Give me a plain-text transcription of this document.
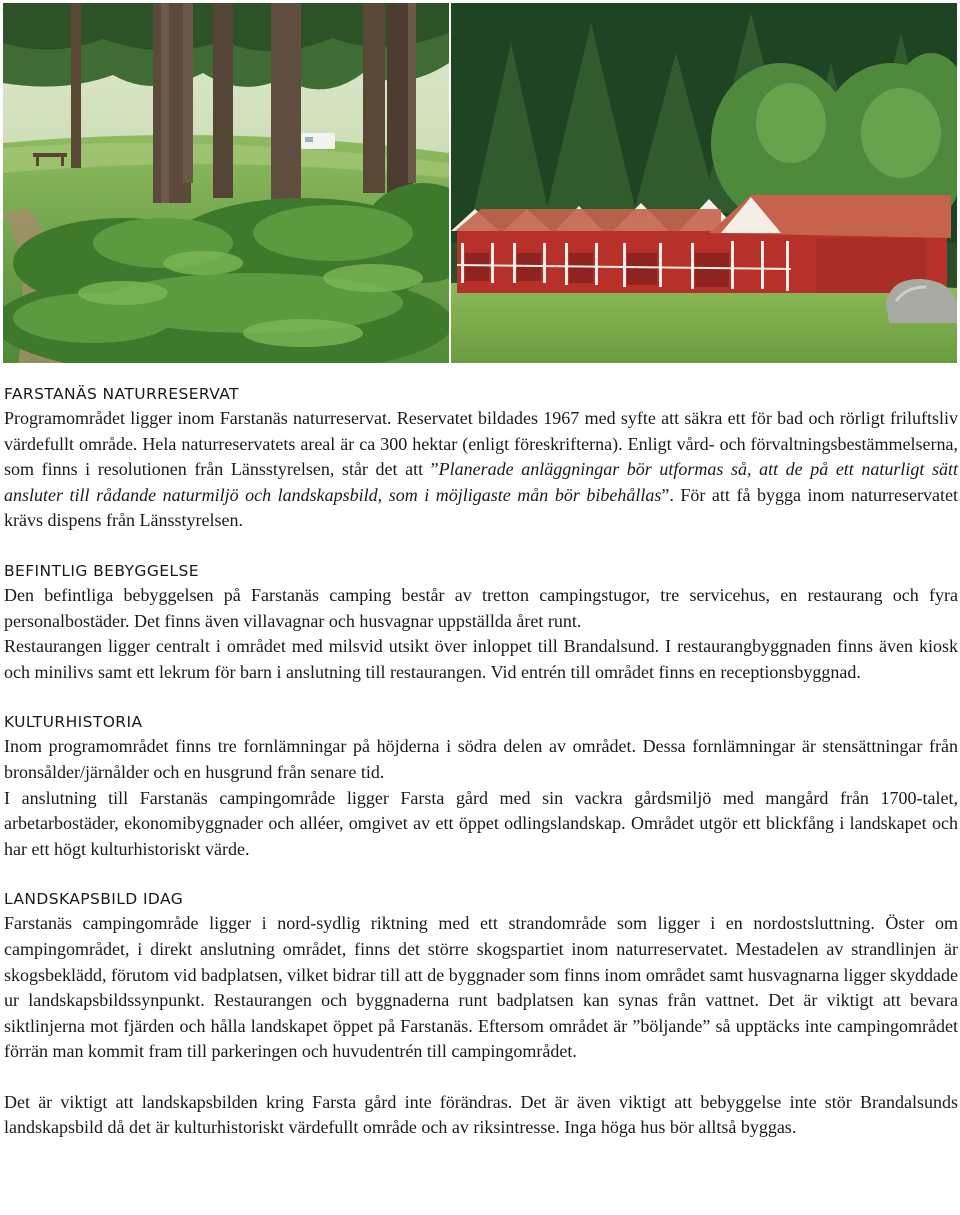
FARSTANÄS NATURRESERVAT

Programområdet ligger inom Farstanäs naturreservat. Reservatet bildades 1967 med syfte att säkra ett för bad och rörligt friluftsliv värdefullt område. Hela naturreservatets areal är ca 300 hektar (enligt föreskrifterna). Enligt vård- och förvaltningsbestämmelserna, som finns i resolutionen från Länsstyrelsen, står det att ”Planerade anläggningar bör utformas så, att de på ett naturligt sätt ansluter till rådande naturmiljö och landskapsbild, som i möjligaste mån bör bibehållas”. För att få bygga inom naturreservatet krävs dispens från Länsstyrelsen.

BEFINTLIG BEBYGGELSE

Den befintliga bebyggelsen på Farstanäs camping består av tretton campingstugor, tre servicehus, en restaurang och fyra personalbostäder. Det finns även villavagnar och husvagnar uppställda året runt.

Restaurangen ligger centralt i området med milsvid utsikt över inloppet till Brandalsund. I restaurangbyggnaden finns även kiosk och minilivs samt ett lekrum för barn i anslutning till restaurangen. Vid entrén till området finns en receptionsbyggnad.

KULTURHISTORIA

Inom programområdet finns tre fornlämningar på höjderna i södra delen av området. Dessa fornlämningar är stensättningar från bronsålder/järnålder och en husgrund från senare tid.

I anslutning till Farstanäs campingområde ligger Farsta gård med sin vackra gårdsmiljö med mangård från 1700-talet, arbetarbostäder, ekonomibyggnader och alléer, omgivet av ett öppet odlingslandskap. Området utgör ett blickfång i landskapet och har ett högt kulturhistoriskt värde.

LANDSKAPSBILD IDAG

Farstanäs campingområde ligger i nord-sydlig riktning med ett strandområde som ligger i en nordostsluttning. Öster om campingområdet, i direkt anslutning området, finns det större skogspartiet inom naturreservatet. Mestadelen av strandlinjen är skogsbeklädd, förutom vid badplatsen, vilket bidrar till att de byggnader som finns inom området samt husvagnarna ligger skyddade ur landskapsbildssynpunkt. Restaurangen och byggnaderna runt badplatsen kan synas från vattnet. Det är viktigt att bevara siktlinjerna mot fjärden och hålla landskapet öppet på Farstanäs. Eftersom området är ”böljande” så upptäcks inte campingområdet förrän man kommit fram till parkeringen och huvudentrén till campingområdet.

Det är viktigt att landskapsbilden kring Farsta gård inte förändras. Det är även viktigt att bebyggelse inte stör Brandalsunds landskapsbild då det är kulturhistoriskt värdefullt område och av riksintresse. Inga höga hus bör alltså byggas.
